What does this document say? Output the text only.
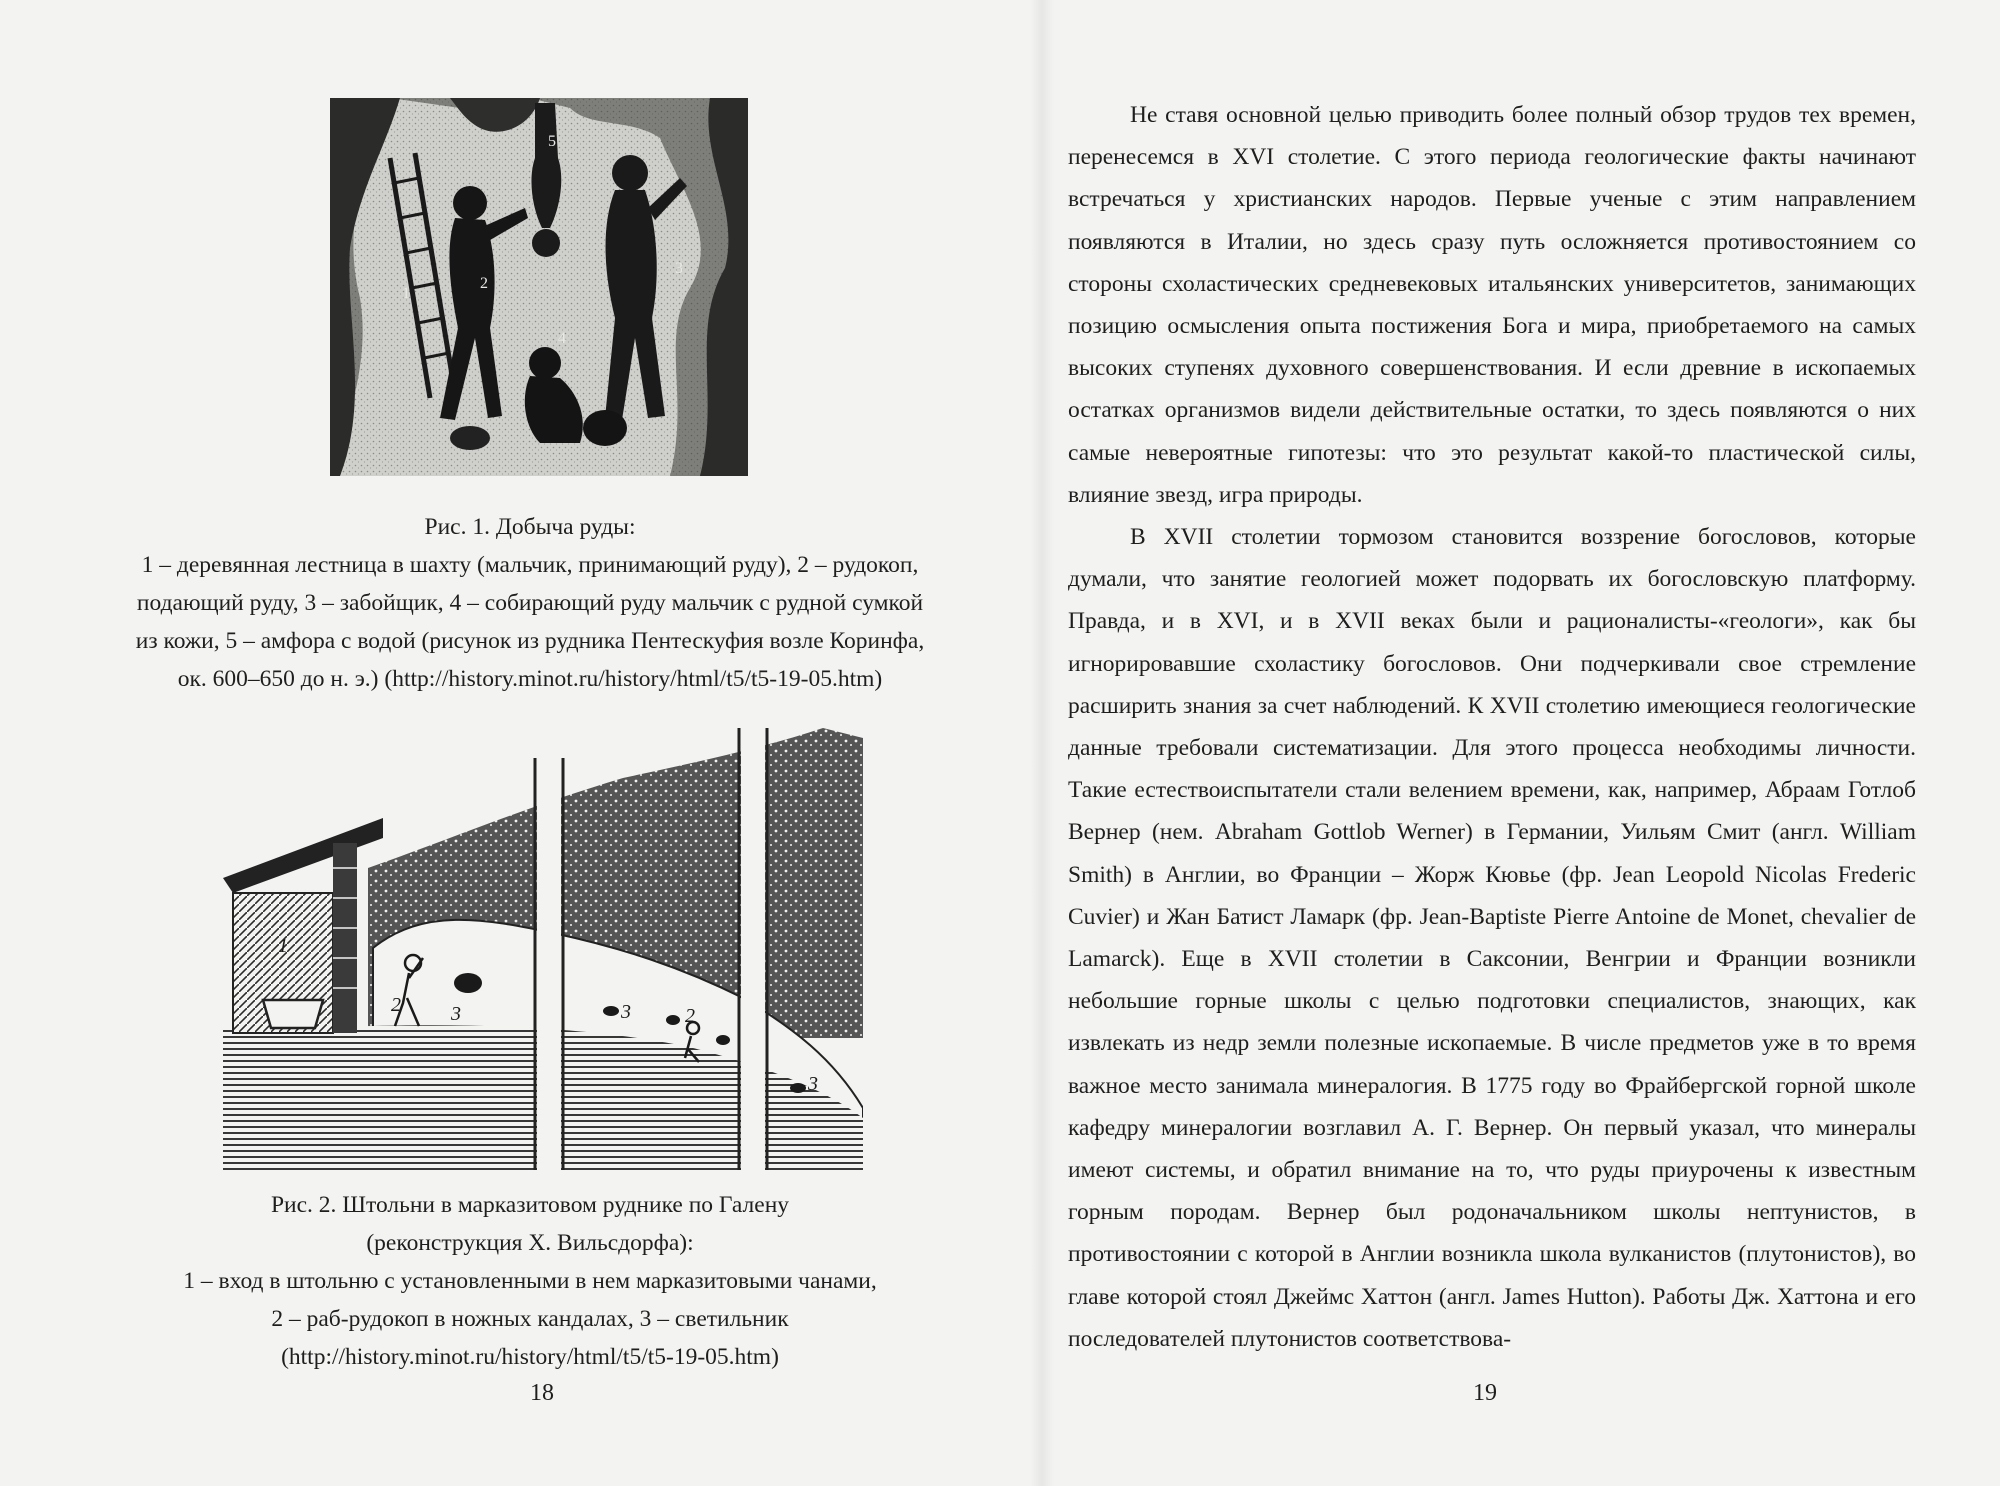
2
1
3
4
5
Рис. 1. Добыча руды:
1 – деревянная лестница в шахту (мальчик, принимающий руду), 2 – рудокоп,
подающий руду, 3 – забойщик, 4 – собирающий руду мальчик с рудной сумкой
из кожи, 5 – амфора с водой (рисунок из рудника Пентескуфия возле Коринфа,
ок. 600–650 до н. э.) (http://history.minot.ru/history/html/t5/t5-19-05.htm)
1
2	3	3	2
3
Рис. 2. Штольни в марказитовом руднике по Галену
(реконструкция Х. Вильсдорфа):
1 – вход в штольню с установленными в нем марказитовыми чанами,
2 – раб-рудокоп в ножных кандалах, 3 – светильник
(http://history.minot.ru/history/html/t5/t5-19-05.htm)
18

Не ставя основной целью приводить более полный обзор трудов тех времен, перенесемся в XVI столетие. С этого периода геологические факты начинают встречаться у христианских народов. Первые ученые с этим направлением появляются в Италии, но здесь сразу путь осложняется противостоянием со стороны схоластических средневековых итальянских университетов, занимающих позицию осмысления опыта постижения Бога и мира, приобретаемого на самых высоких ступенях духовного совершенствования. И если древние в ископаемых остатках организмов видели действительные остатки, то здесь появляются о них самые невероятные гипотезы: что это результат какой-то пластической силы, влияние звезд, игра природы.

В XVII столетии тормозом становится воззрение богословов, которые думали, что занятие геологией может подорвать их богословскую платформу. Правда, и в XVI, и в XVII веках были и рационалисты-«геологи», как бы игнорировавшие схоластику богословов. Они подчеркивали свое стремление расширить знания за счет наблюдений. К XVII столетию имеющиеся геологические данные требовали систематизации. Для этого процесса необходимы личности. Такие естествоиспытатели стали велением времени, как, например, Абраам Готлоб Вернер (нем. Abraham Gottlob Werner) в Германии, Уильям Смит (англ. William Smith) в Англии, во Франции – Жорж Кювье (фр. Jean Leopold Nicolas Frederic Cuvier) и Жан Батист Ламарк (фр. Jean-Baptiste Pierre Antoine de Monet, chevalier de Lamarck). Еще в XVII столетии в Саксонии, Венгрии и Франции возникли небольшие горные школы с целью подготовки специалистов, знающих, как извлекать из недр земли полезные ископаемые. В числе предметов уже в то время важное место занимала минералогия. В 1775 году во Фрайбергской горной школе кафедру минералогии возглавил А. Г. Вернер. Он первый указал, что минералы имеют системы, и обратил внимание на то, что руды приурочены к известным горным породам. Вернер был родоначальником школы нептунистов, в противостоянии с которой в Англии возникла школа вулканистов (плутонистов), во главе которой стоял Джеймс Хаттон (англ. James Hutton). Работы Дж. Хаттона и его последователей плутонистов соответствова-

19
